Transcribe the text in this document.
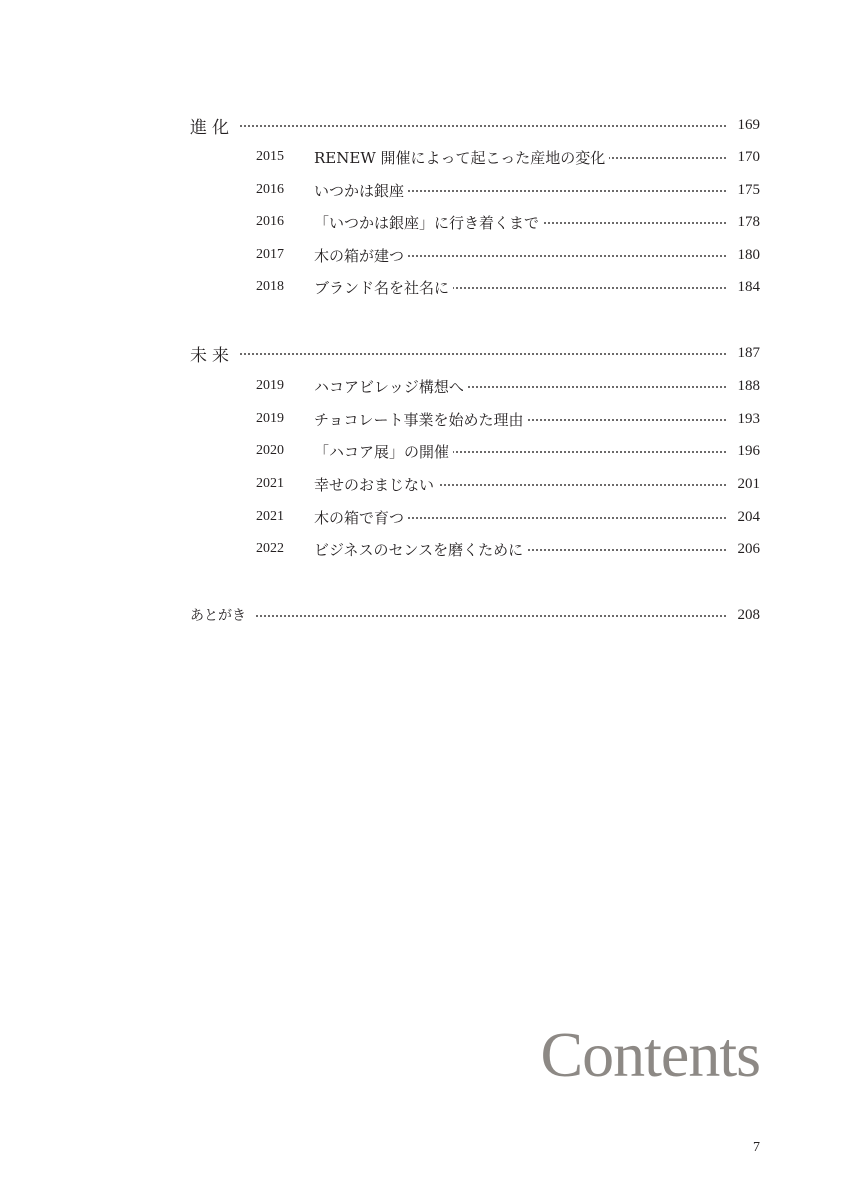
進化	169
2015 RENEW 開催によって起こった産地の変化	170
2016 いつかは銀座	175
2016 「いつかは銀座」に行き着くまで	178
2017 木の箱が建つ	180
2018 ブランド名を社名に	184
未来	187
2019 ハコアビレッジ構想へ	188
2019 チョコレート事業を始めた理由	193
2020 「ハコア展」の開催	196
2021 幸せのおまじない	201
2021 木の箱で育つ	204
2022 ビジネスのセンスを磨くために	206
あとがき	208
Contents
7
